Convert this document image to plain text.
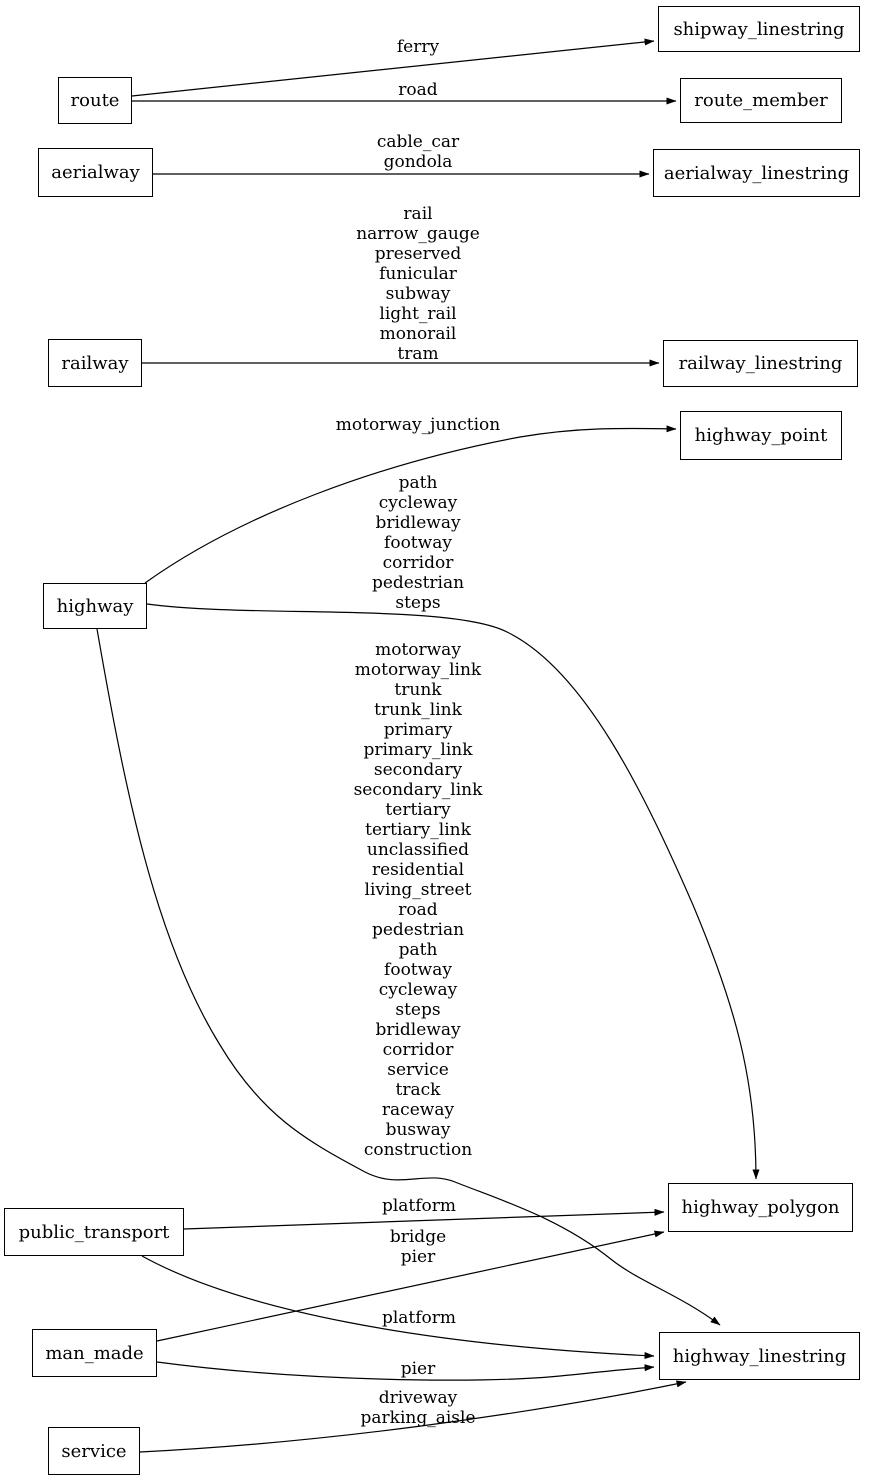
route
aerialway
railway
highway
public_transport
man_made
service
shipway_linestring
route_member
aerialway_linestring
railway_linestring
highway_point
highway_polygon
highway_linestring
ferry
road
cable_car
gondola
rail
narrow_gauge
preserved
funicular
subway
light_rail
monorail
tram
motorway_junction
path
cycleway
bridleway
footway
corridor
pedestrian
steps
motorway
motorway_link
trunk
trunk_link
primary
primary_link
secondary
secondary_link
tertiary
tertiary_link
unclassified
residential
living_street
road
pedestrian
path
footway
cycleway
steps
bridleway
corridor
service
track
raceway
busway
construction
platform
bridge
pier
platform
pier
driveway
parking_aisle
